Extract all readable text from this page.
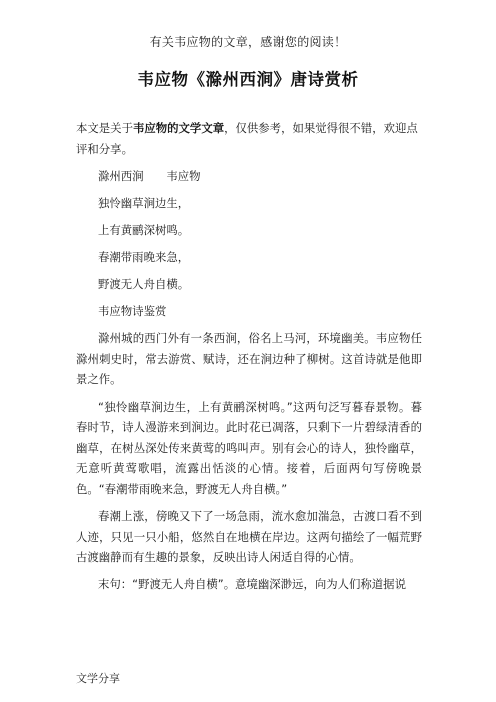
有关韦应物的文章，感谢您的阅读！
韦应物《滁州西涧》唐诗赏析

本文是关于韦应物的文学文章，仅供参考，如果觉得很不错，欢迎点评和分享。

滁州西涧　　韦应物

独怜幽草涧边生，

上有黄鹂深树鸣。

春潮带雨晚来急，

野渡无人舟自横。

韦应物诗鉴赏

滁州城的西门外有一条西涧，俗名上马河，环境幽美。韦应物任滁州刺史时，常去游赏、赋诗，还在涧边种了柳树。这首诗就是他即景之作。

“独怜幽草涧边生，上有黄鹂深树鸣。”这两句泛写暮春景物。暮春时节，诗人漫游来到涧边。此时花已凋落，只剩下一片碧绿清香的幽草，在树丛深处传来黄莺的鸣叫声。别有会心的诗人，独怜幽草，无意听黄莺歌唱，流露出恬淡的心情。接着，后面两句写傍晚景色。“春潮带雨晚来急，野渡无人舟自横。”

春潮上涨，傍晚又下了一场急雨，流水愈加湍急，古渡口看不到人迹，只见一只小船，悠然自在地横在岸边。这两句描绘了一幅荒野古渡幽静而有生趣的景象，反映出诗人闲适自得的心情。

末句：“野渡无人舟自横”。意境幽深渺远，向为人们称道据说

文学分享
